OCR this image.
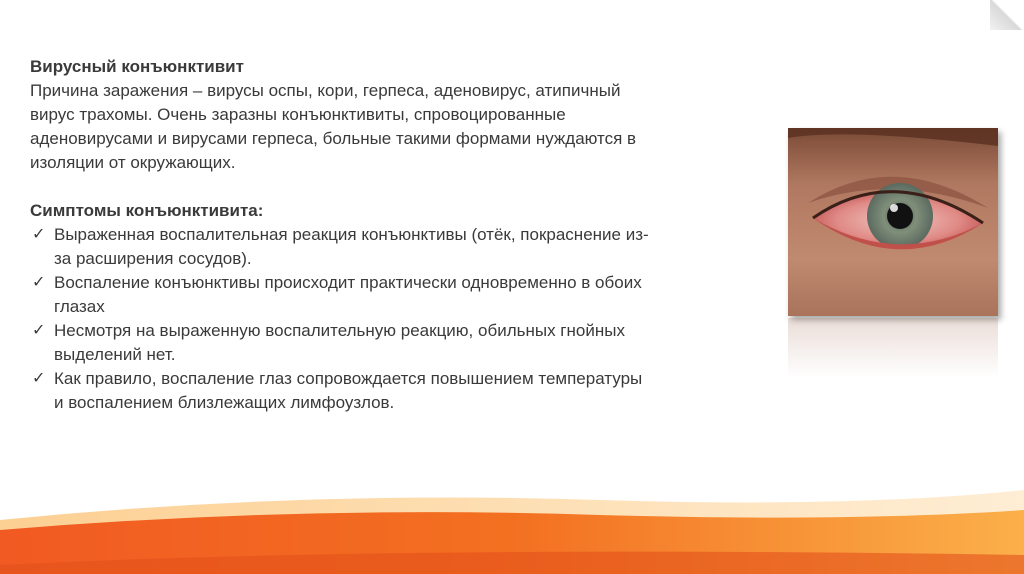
Вирусный конъюнктивит

Причина заражения – вирусы оспы, кори, герпеса, аденовирус, атипичный
вирус трахомы. Очень заразны конъюнктивиты, спровоцированные
аденовирусами и вирусами герпеса, больные такими формами нуждаются в
изоляции от окружающих.

Симптомы конъюнктивита:
✓ Выраженная воспалительная реакция конъюнктивы (отёк, покраснение из-
за расширения сосудов).
✓ Воспаление конъюнктивы происходит практически одновременно в обоих
глазах
✓ Несмотря на выраженную воспалительную реакцию, обильных гнойных
выделений нет.
✓ Как правило, воспаление глаз сопровождается повышением температуры
и воспалением близлежащих лимфоузлов.
